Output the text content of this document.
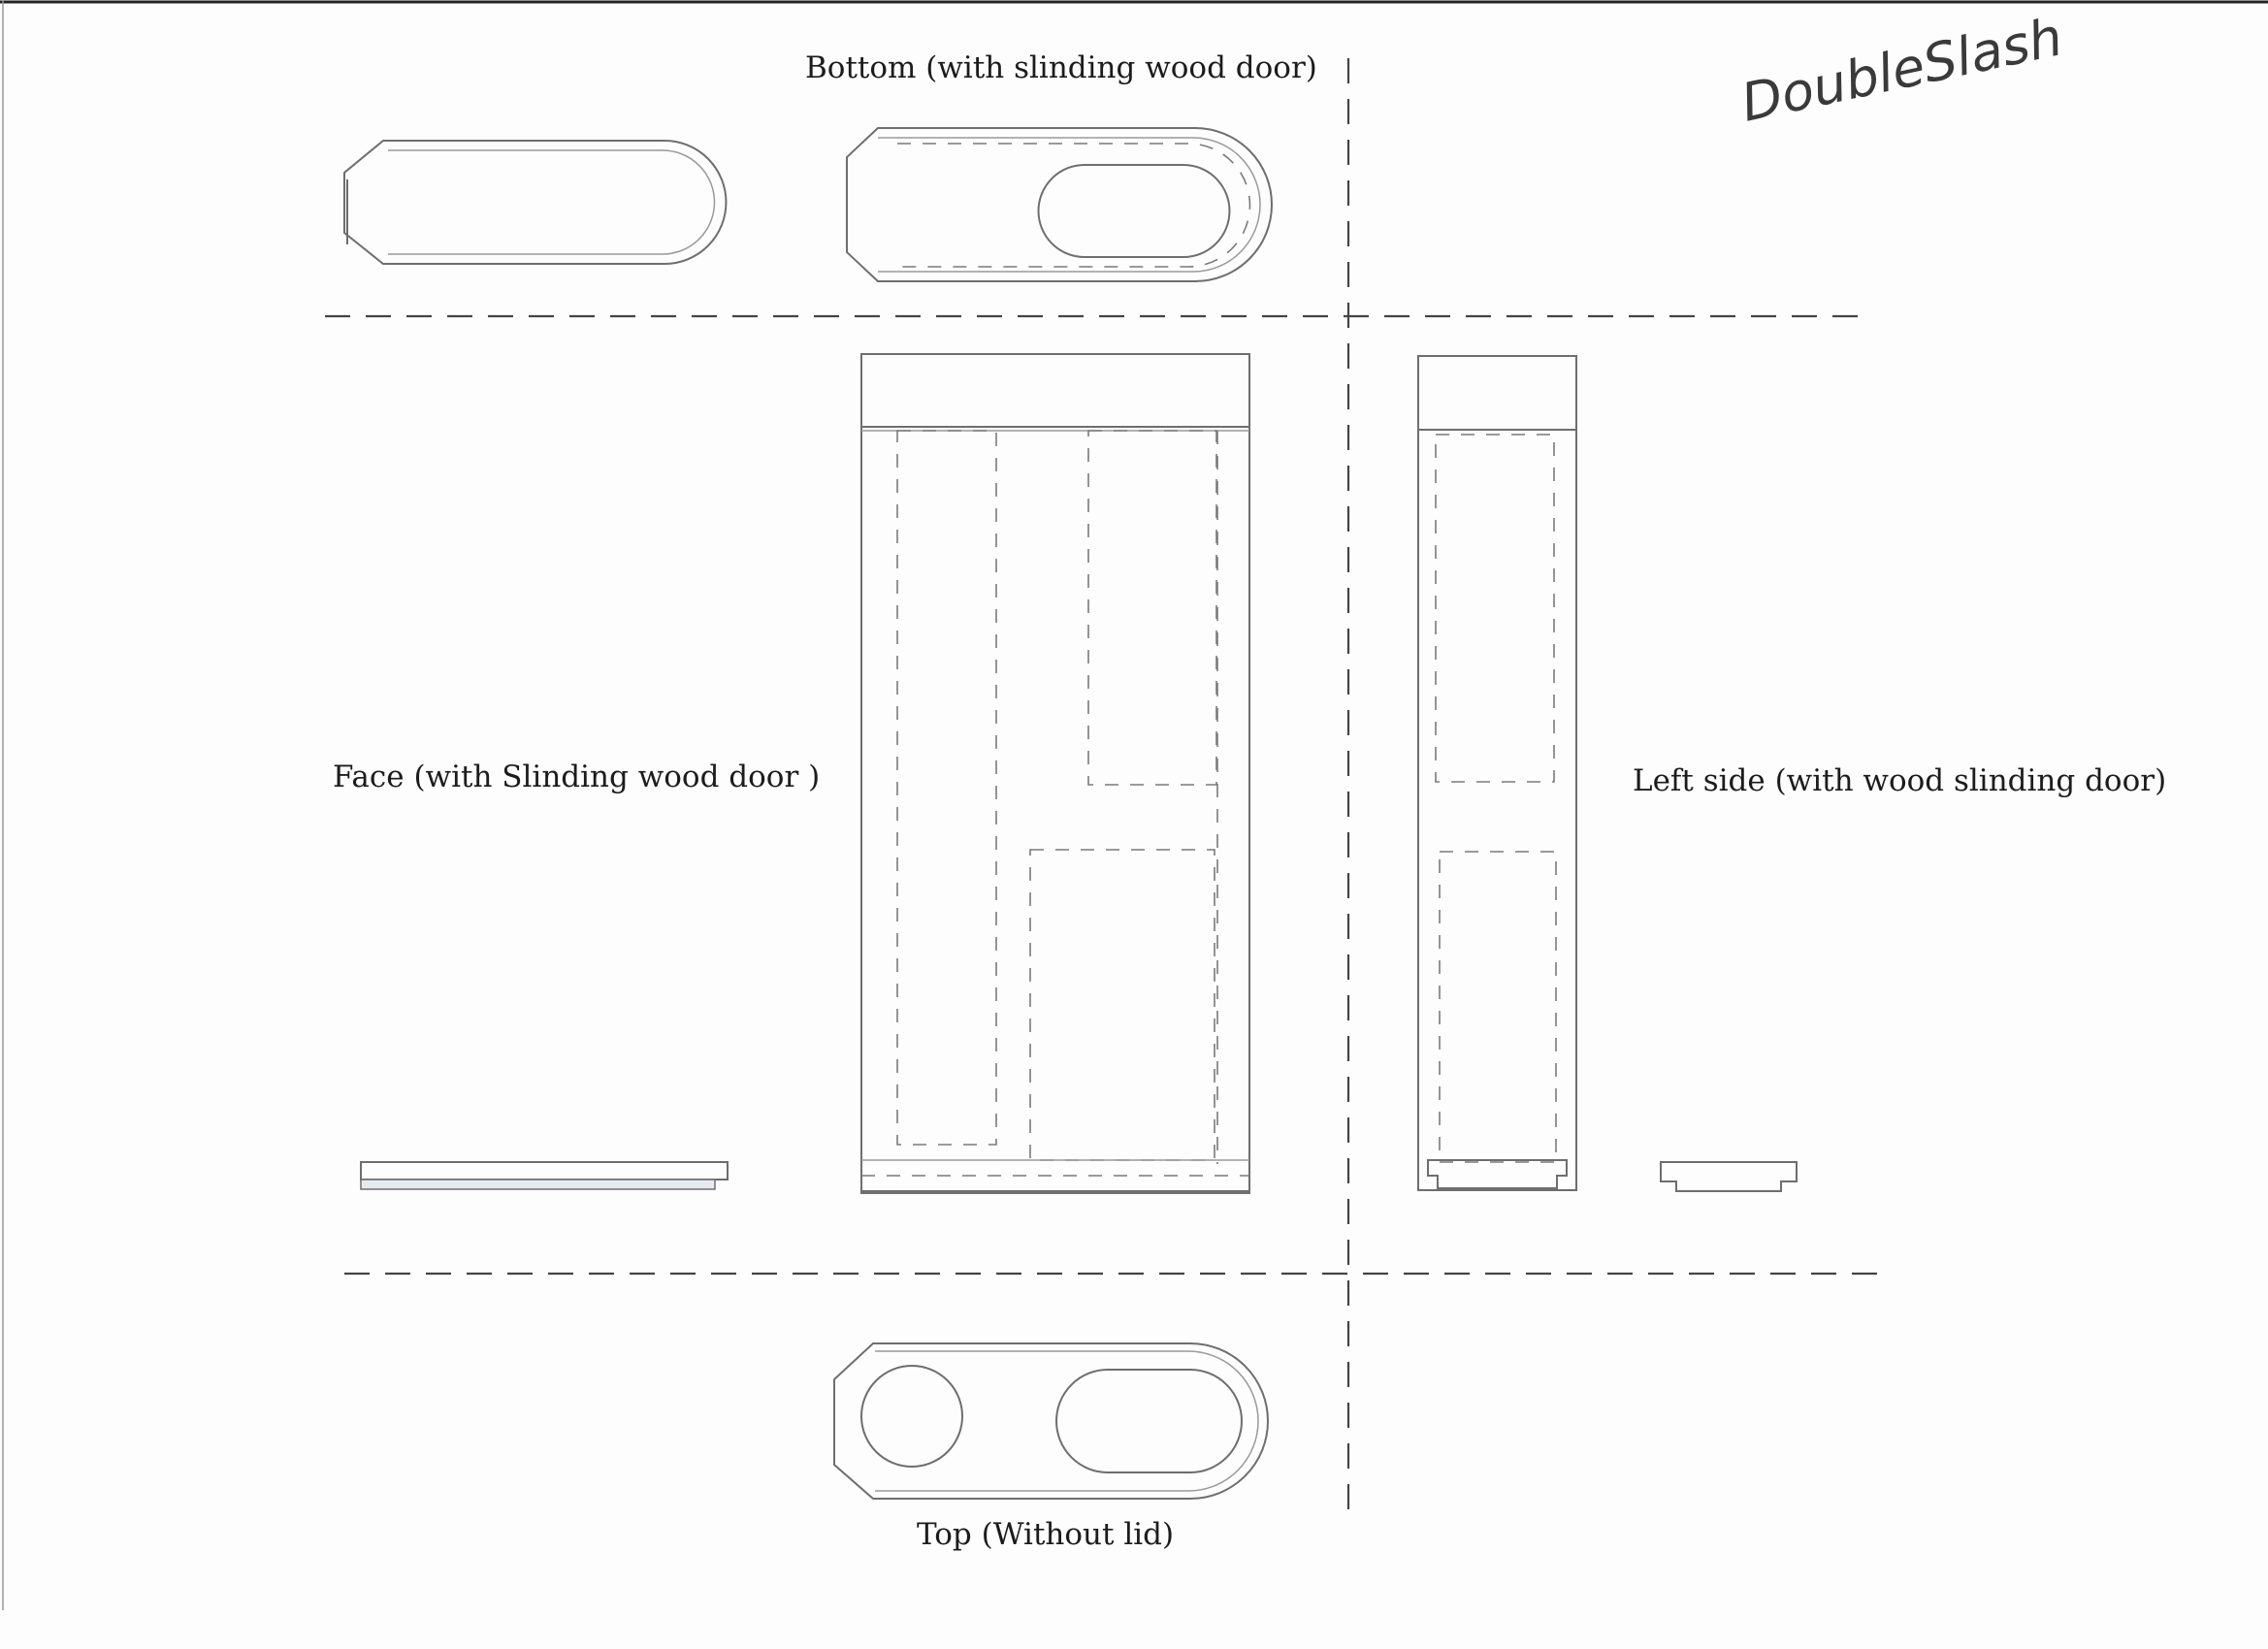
Bottom (with slinding wood door)
Face (with Slinding wood door )	Left side (with wood slinding door)
Top (Without lid)
DoubleSlash
